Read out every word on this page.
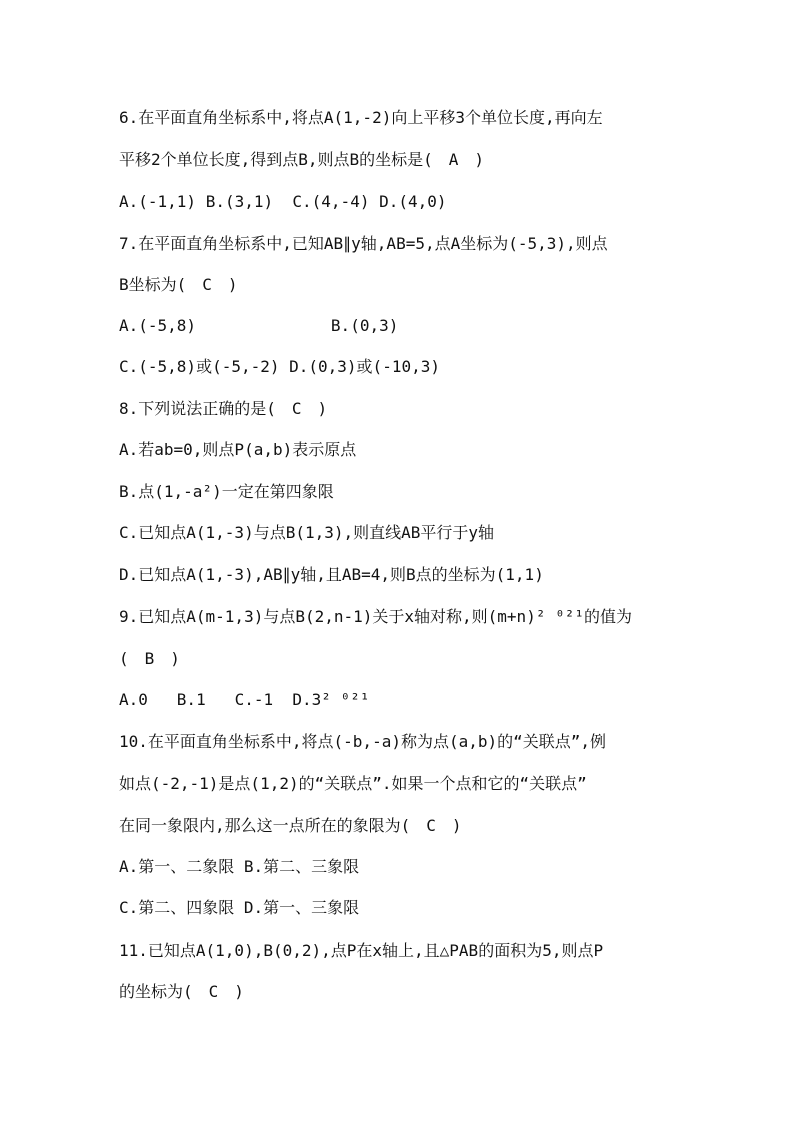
6.在平面直角坐标系中,将点A(1,-2)向上平移3个单位长度,再向左
平移2个单位长度,得到点B,则点B的坐标是(　A　)
A.(-1,1) B.(3,1)  C.(4,-4) D.(4,0)
7.在平面直角坐标系中,已知AB∥y轴,AB=5,点A坐标为(-5,3),则点
B坐标为(　C　)
A.(-5,8)              B.(0,3)
C.(-5,8)或(-5,-2) D.(0,3)或(-10,3)
8.下列说法正确的是(　C　)
A.若ab=0,则点P(a,b)表示原点
B.点(1,-a²)一定在第四象限
C.已知点A(1,-3)与点B(1,3),则直线AB平行于y轴
D.已知点A(1,-3),AB∥y轴,且AB=4,则B点的坐标为(1,1)
9.已知点A(m-1,3)与点B(2,n-1)关于x轴对称,则(m+n)² ⁰²¹的值为
(　B　)
A.0   B.1   C.-1  D.3² ⁰²¹
10.在平面直角坐标系中,将点(-b,-a)称为点(a,b)的“关联点”,例
如点(-2,-1)是点(1,2)的“关联点”.如果一个点和它的“关联点”
在同一象限内,那么这一点所在的象限为(　C　)
A.第一、二象限 B.第二、三象限
C.第二、四象限 D.第一、三象限
11.已知点A(1,0),B(0,2),点P在x轴上,且△PAB的面积为5,则点P
的坐标为(　C　)
